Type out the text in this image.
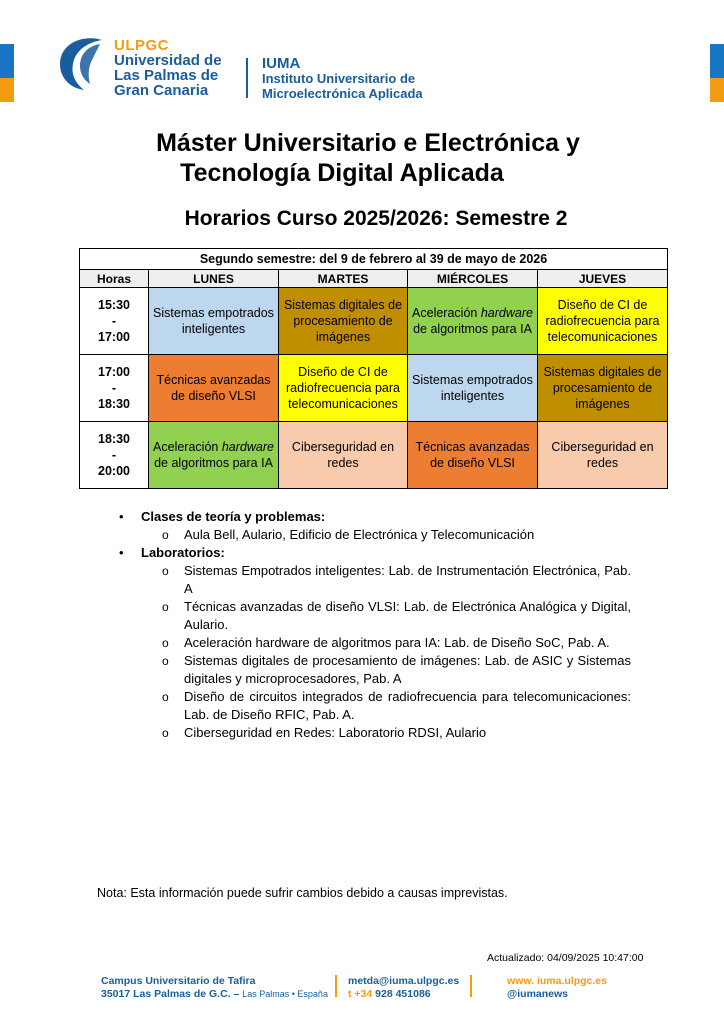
ULPGC
Universidad de
Las Palmas de
Gran Canaria
IUMA
Instituto Universitario de
Microelectrónica Aplicada
Máster Universitario e Electrónica y
Tecnología Digital Aplicada
Horarios Curso 2025/2026: Semestre 2
Segundo semestre: del 9 de febrero al 39 de mayo de 2026				
Horas	LUNES	MARTES	MIÉRCOLES	JUEVES

15:30
-
17:00	Sistemas empotrados inteligentes	Sistemas digitales de procesamiento de imágenes	Aceleración hardware de algoritmos para IA	Diseño de CI de radiofrecuencia para telecomunicaciones

17:00
-
18:30	Técnicas avanzadas de diseño VLSI	Diseño de CI de radiofrecuencia para telecomunicaciones	Sistemas empotrados inteligentes	Sistemas digitales de procesamiento de imágenes

18:30
-
20:00	Aceleración hardware de algoritmos para IA	Ciberseguridad en redes	Técnicas avanzadas de diseño VLSI	Ciberseguridad en redes
• Clases de teoría y problemas:
o Aula Bell, Aulario, Edificio de Electrónica y Telecomunicación
• Laboratorios:
o Sistemas Empotrados inteligentes: Lab. de Instrumentación Electrónica, Pab. A
o Técnicas avanzadas de diseño VLSI: Lab. de Electrónica Analógica y Digital, Aulario.
o Aceleración hardware de algoritmos para IA: Lab. de Diseño SoC, Pab. A.
o Sistemas digitales de procesamiento de imágenes: Lab. de ASIC y Sistemas digitales y microprocesadores, Pab. A
o Diseño de circuitos integrados de radiofrecuencia para telecomunicaciones: Lab. de Diseño RFIC, Pab. A.
o Ciberseguridad en Redes: Laboratorio RDSI, Aulario
Nota: Esta información puede sufrir cambios debido a causas imprevistas.
Actualizado: 04/09/2025 10:47:00
Campus Universitario de Tafira
35017 Las Palmas de G.C. – Las Palmas • España
metda@iuma.ulpgc.es
t +34 928 451086
www. iuma.ulpgc.es
@iumanews
